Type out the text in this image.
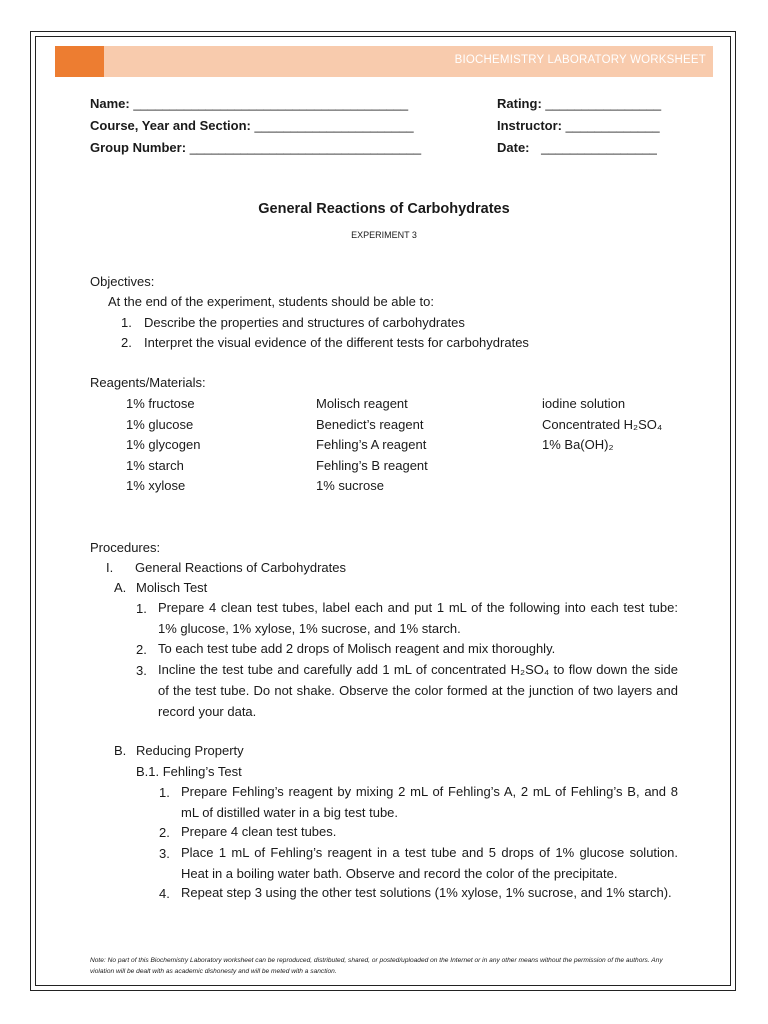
BIOCHEMISTRY LABORATORY WORKSHEET
Name: ______________________________________
Course, Year and Section: ______________________
Group Number: ________________________________
Rating: ________________
Instructor: _____________
Date: ________________
General Reactions of Carbohydrates
EXPERIMENT 3
Objectives:
At the end of the experiment, students should be able to:
1. Describe the properties and structures of carbohydrates
2. Interpret the visual evidence of the different tests for carbohydrates
Reagents/Materials:
1% fructose
1% glucose
1% glycogen
1% starch
1% xylose
Molisch reagent
Benedict’s reagent
Fehling’s A reagent
Fehling’s B reagent
1% sucrose
iodine solution
Concentrated H₂SO₄
1% Ba(OH)₂
Procedures:
I. General Reactions of Carbohydrates
A. Molisch Test
1. Prepare 4 clean test tubes, label each and put 1 mL of the following into each test tube: 1% glucose, 1% xylose, 1% sucrose, and 1% starch.
2. To each test tube add 2 drops of Molisch reagent and mix thoroughly.
3. Incline the test tube and carefully add 1 mL of concentrated H₂SO₄ to flow down the side of the test tube. Do not shake. Observe the color formed at the junction of two layers and record your data.
B. Reducing Property
B.1. Fehling’s Test
1. Prepare Fehling’s reagent by mixing 2 mL of Fehling’s A, 2 mL of Fehling’s B, and 8 mL of distilled water in a big test tube.
2. Prepare 4 clean test tubes.
3. Place 1 mL of Fehling’s reagent in a test tube and 5 drops of 1% glucose solution. Heat in a boiling water bath. Observe and record the color of the precipitate.
4. Repeat step 3 using the other test solutions (1% xylose, 1% sucrose, and 1% starch).
Note: No part of this Biochemistry Laboratory worksheet can be reproduced, distributed, shared, or posted/uploaded on the Internet or in any other means without the permission of the authors. Any violation will be dealt with as academic dishonesty and will be meted with a sanction.
